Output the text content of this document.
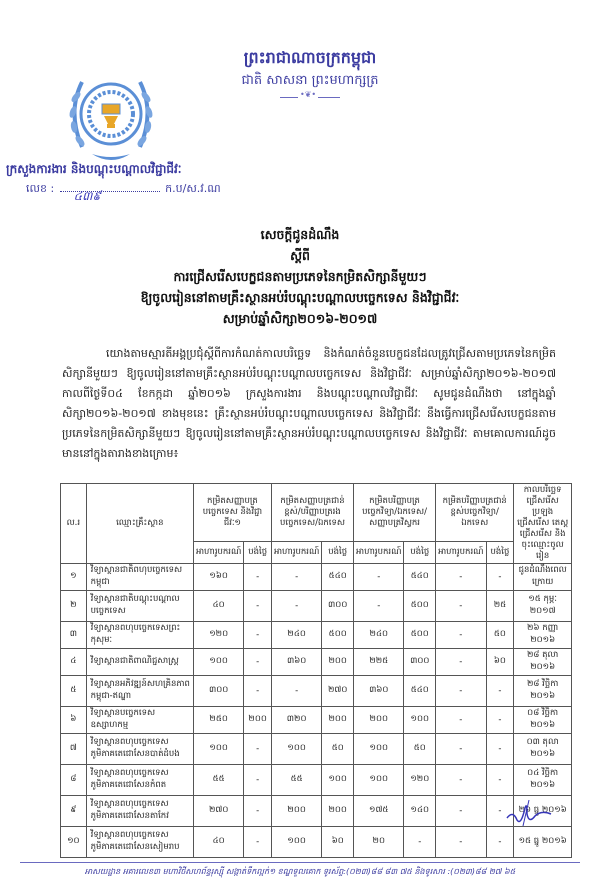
ព្រះរាជាណាចក្រកម្ពុជា
ជាតិ សាសនា ព្រះមហាក្សត្រ
•❦•
ក្រសួងការងារ និងបណ្តុះបណ្តាលវិជ្ជាជីវៈ
លេខ :
៤៣៩
ក.ប/ស.វ.ណ
សេចក្តីជូនដំណឹង
ស្តីពី
ការជ្រើសរើសបេក្ខជនតាមប្រភេទនៃកម្រិតសិក្សានីមួយៗ
ឱ្យចូលរៀននៅតាមគ្រឹះស្ថានអប់រំបណ្តុះបណ្តាលបច្ចេកទេស និងវិជ្ជាជីវៈ
សម្រាប់ឆ្នាំសិក្សា២០១៦-២០១៧
យោងតាមស្មារតីអង្គប្រជុំស្តីពីការកំណត់កាលបរិច្ឆេទ និងកំណត់ចំនួនបេក្ខជនដែលត្រូវជ្រើសតាមប្រភេទនៃកម្រិតសិក្សានីមួយៗ ឱ្យចូលរៀននៅតាមគ្រឹះស្ថានអប់រំបណ្តុះបណ្តាលបច្ចេកទេស និងវិជ្ជាជីវៈ សម្រាប់ឆ្នាំសិក្សា២០១៦-២០១៧ កាលពីថ្ងៃទី០៤ ខែកក្កដា ឆ្នាំ២០១៦ ក្រសួងការងារ និងបណ្តុះបណ្តាលវិជ្ជាជីវៈ សូមជូនដំណឹងថា នៅក្នុងឆ្នាំសិក្សា២០១៦-២០១៧ ខាងមុខនេះ គ្រឹះស្ថានអប់រំបណ្តុះបណ្តាលបច្ចេកទេស និងវិជ្ជាជីវៈ នឹងធ្វើការជ្រើសរើសបេក្ខជនតាមប្រភេទនៃកម្រិតសិក្សានីមួយៗ ឱ្យចូលរៀននៅតាមគ្រឹះស្ថានអប់រំបណ្តុះបណ្តាលបច្ចេកទេស និងវិជ្ជាជីវៈ តាមគោលការណ៍ដូចមាននៅក្នុងតារាងខាងក្រោម៖
ល.រ	ឈ្មោះគ្រឹះស្ថាន	កម្រិតសញ្ញាបត្របច្ចេកទេស និងវិជ្ជាជីវៈ១		កម្រិតសញ្ញាបត្រជាន់ខ្ពស់/បរិញ្ញាបត្ររងបច្ចេកទេស/ឯកទេស		កម្រិតបរិញ្ញាបត្របច្ចេកវិទ្យា/ឯកទេស/សញ្ញាបត្រវិស្វករ		កម្រិតបរិញ្ញាបត្រជាន់ខ្ពស់បច្ចេកវិទ្យា/ឯកទេស		កាលបរិច្ឆេទជ្រើសរើស ប្រឡងជ្រើសរើស តេស្តជ្រើសរើស និងចុះឈ្មោះចូលរៀន
		អាហារូបករណ៍	បង់ថ្លៃ	អាហារូបករណ៍	បង់ថ្លៃ	អាហារូបករណ៍	បង់ថ្លៃ	អាហារូបករណ៍	បង់ថ្លៃ	
១	វិទ្យាស្ថានជាតិពហុបច្ចេកទេសកម្ពុជា	១៦០	-	-	៥៤០	-	៥៤០	-	-	ជូនដំណឹងពេលក្រោយ
២	វិទ្យាស្ថានជាតិបណ្តុះបណ្តាលបច្ចេកទេស	៤០	-	-	៣០០	-	៥០០	-	២៥	១៥ កុម្ភៈ ២០១៧
៣	វិទ្យាស្ថានពហុបច្ចេកទេសព្រះកុសុមៈ	១២០	-	២៤០	៥០០	២៤០	៥០០	-	៥០	២៦ កញ្ញា ២០១៦
៤	វិទ្យាស្ថានជាតិពាណិជ្ជសាស្ត្រ	១០០	-	៣៦០	២០០	២២៥	៣០០	-	៦០	២៨ តុលា ២០១៦
៥	វិទ្យាស្ថានអភិវឌ្ឍន៍សហគ្រិនភាពកម្ពុជា-ឥណ្ឌា	៣០០	-	-	២៧០	៣៦០	៥៤០	-	-	២៨ វិច្ឆិកា ២០១៦
៦	វិទ្យាស្ថានបច្ចេកទេសឧស្សាហកម្ម	២៥០	២០០	៣២០	២០០	២០០	១០០	-	-	០៨ វិច្ឆិកា ២០១៦
៧	វិទ្យាស្ថានពហុបច្ចេកទេសភូមិភាគតេជោសែនបាត់ដំបង	១០០	-	១០០	៥០	១០០	៥០	-	-	០៣ តុលា ២០១៦
៨	វិទ្យាស្ថានពហុបច្ចេកទេសភូមិភាគតេជោសែនកំពត	៥៥	-	៥៥	១០០	១០០	១២០	-	-	០៤ វិច្ឆិកា ២០១៦
៩	វិទ្យាស្ថានពហុបច្ចេកទេសភូមិភាគតេជោសែនតាកែវ	២៧០	-	២០០	២០០	១៧៥	១៤០	-	-	២៦ ធ្នូ ២០១៦
១០	វិទ្យាស្ថានពហុបច្ចេកទេសភូមិភាគតេជោសែនសៀមរាប	៤០	-	១០០	៦០	២០	-	-	-	១៥ ធ្នូ ២០១៦
អាសយដ្ឋាន អគារលេខ៣ មហាវិថីសហព័ន្ធរុស្ស៊ី សង្កាត់ទឹកល្អក់១ ខណ្ឌទួលគោក ទូរស័ព្ទ:(០២៣)៨៨ ៨៣ ៧៥ និងទូរសារ :(០២៣)៨៨ ២៧ ៦៥
